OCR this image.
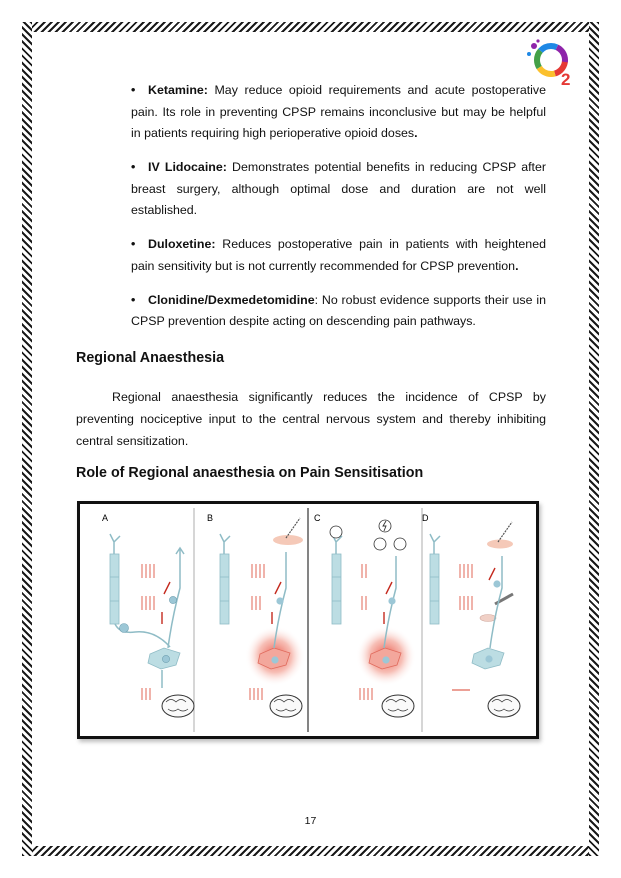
2
• Ketamine: May reduce opioid requirements and acute postoperative pain. Its role in preventing CPSP remains inconclusive but may be helpful in patients requiring high perioperative opioid doses.
• IV Lidocaine: Demonstrates potential benefits in reducing CPSP after breast surgery, although optimal dose and duration are not well established.
• Duloxetine: Reduces postoperative pain in patients with heightened pain sensitivity but is not currently recommended for CPSP prevention.
• Clonidine/Dexmedetomidine: No robust evidence supports their use in CPSP prevention despite acting on descending pain pathways.
Regional Anaesthesia
Regional anaesthesia significantly reduces the incidence of CPSP by preventing nociceptive input to the central nervous system and thereby inhibiting central sensitization.
Role of Regional anaesthesia on Pain Sensitisation
A	B	C	D
17
